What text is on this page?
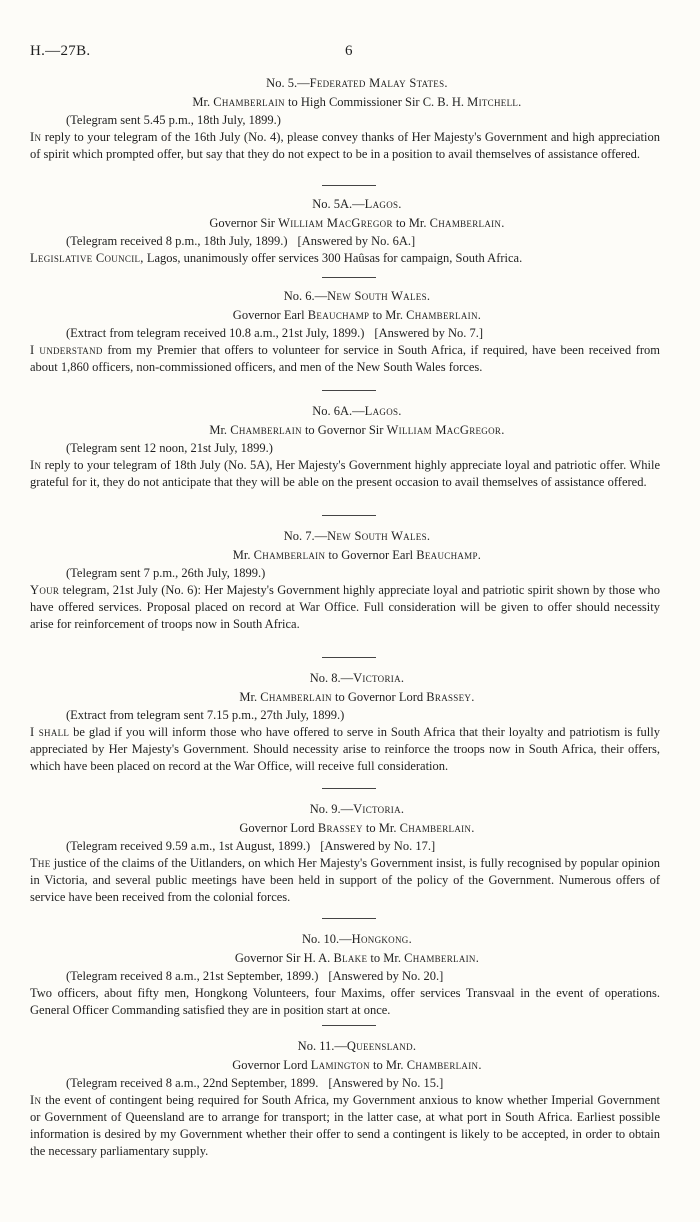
H.—27B.	6
No. 5.—Federated Malay States.
Mr. Chamberlain to High Commissioner Sir C. B. H. Mitchell.
(Telegram sent 5.45 p.m., 18th July, 1899.)
In reply to your telegram of the 16th July (No. 4), please convey thanks of Her Majesty's Government and high appreciation of spirit which prompted offer, but say that they do not expect to be in a position to avail themselves of assistance offered.
No. 5A.—Lagos.
Governor Sir William MacGregor to Mr. Chamberlain.
(Telegram received 8 p.m., 18th July, 1899.) [Answered by No. 6A.]
Legislative Council, Lagos, unanimously offer services 300 Haûsas for campaign, South Africa.
No. 6.—New South Wales.
Governor Earl Beauchamp to Mr. Chamberlain.
(Extract from telegram received 10.8 a.m., 21st July, 1899.) [Answered by No. 7.]
I understand from my Premier that offers to volunteer for service in South Africa, if required, have been received from about 1,860 officers, non-commissioned officers, and men of the New South Wales forces.
No. 6A.—Lagos.
Mr. Chamberlain to Governor Sir William MacGregor.
(Telegram sent 12 noon, 21st July, 1899.)
In reply to your telegram of 18th July (No. 5A), Her Majesty's Government highly appreciate loyal and patriotic offer. While grateful for it, they do not anticipate that they will be able on the present occasion to avail themselves of assistance offered.
No. 7.—New South Wales.
Mr. Chamberlain to Governor Earl Beauchamp.
(Telegram sent 7 p.m., 26th July, 1899.)
Your telegram, 21st July (No. 6): Her Majesty's Government highly appreciate loyal and patriotic spirit shown by those who have offered services. Proposal placed on record at War Office. Full consideration will be given to offer should necessity arise for reinforcement of troops now in South Africa.
No. 8.—Victoria.
Mr. Chamberlain to Governor Lord Brassey.
(Extract from telegram sent 7.15 p.m., 27th July, 1899.)
I shall be glad if you will inform those who have offered to serve in South Africa that their loyalty and patriotism is fully appreciated by Her Majesty's Government. Should necessity arise to reinforce the troops now in South Africa, their offers, which have been placed on record at the War Office, will receive full consideration.
No. 9.—Victoria.
Governor Lord Brassey to Mr. Chamberlain.
(Telegram received 9.59 a.m., 1st August, 1899.) [Answered by No. 17.]
The justice of the claims of the Uitlanders, on which Her Majesty's Government insist, is fully recognised by popular opinion in Victoria, and several public meetings have been held in support of the policy of the Government. Numerous offers of service have been received from the colonial forces.
No. 10.—Hongkong.
Governor Sir H. A. Blake to Mr. Chamberlain.
(Telegram received 8 a.m., 21st September, 1899.) [Answered by No. 20.]
Two officers, about fifty men, Hongkong Volunteers, four Maxims, offer services Transvaal in the event of operations. General Officer Commanding satisfied they are in position start at once.
No. 11.—Queensland.
Governor Lord Lamington to Mr. Chamberlain.
(Telegram received 8 a.m., 22nd September, 1899. [Answered by No. 15.]
In the event of contingent being required for South Africa, my Government anxious to know whether Imperial Government or Government of Queensland are to arrange for transport; in the latter case, at what port in South Africa. Earliest possible information is desired by my Government whether their offer to send a contingent is likely to be accepted, in order to obtain the necessary parliamentary supply.
